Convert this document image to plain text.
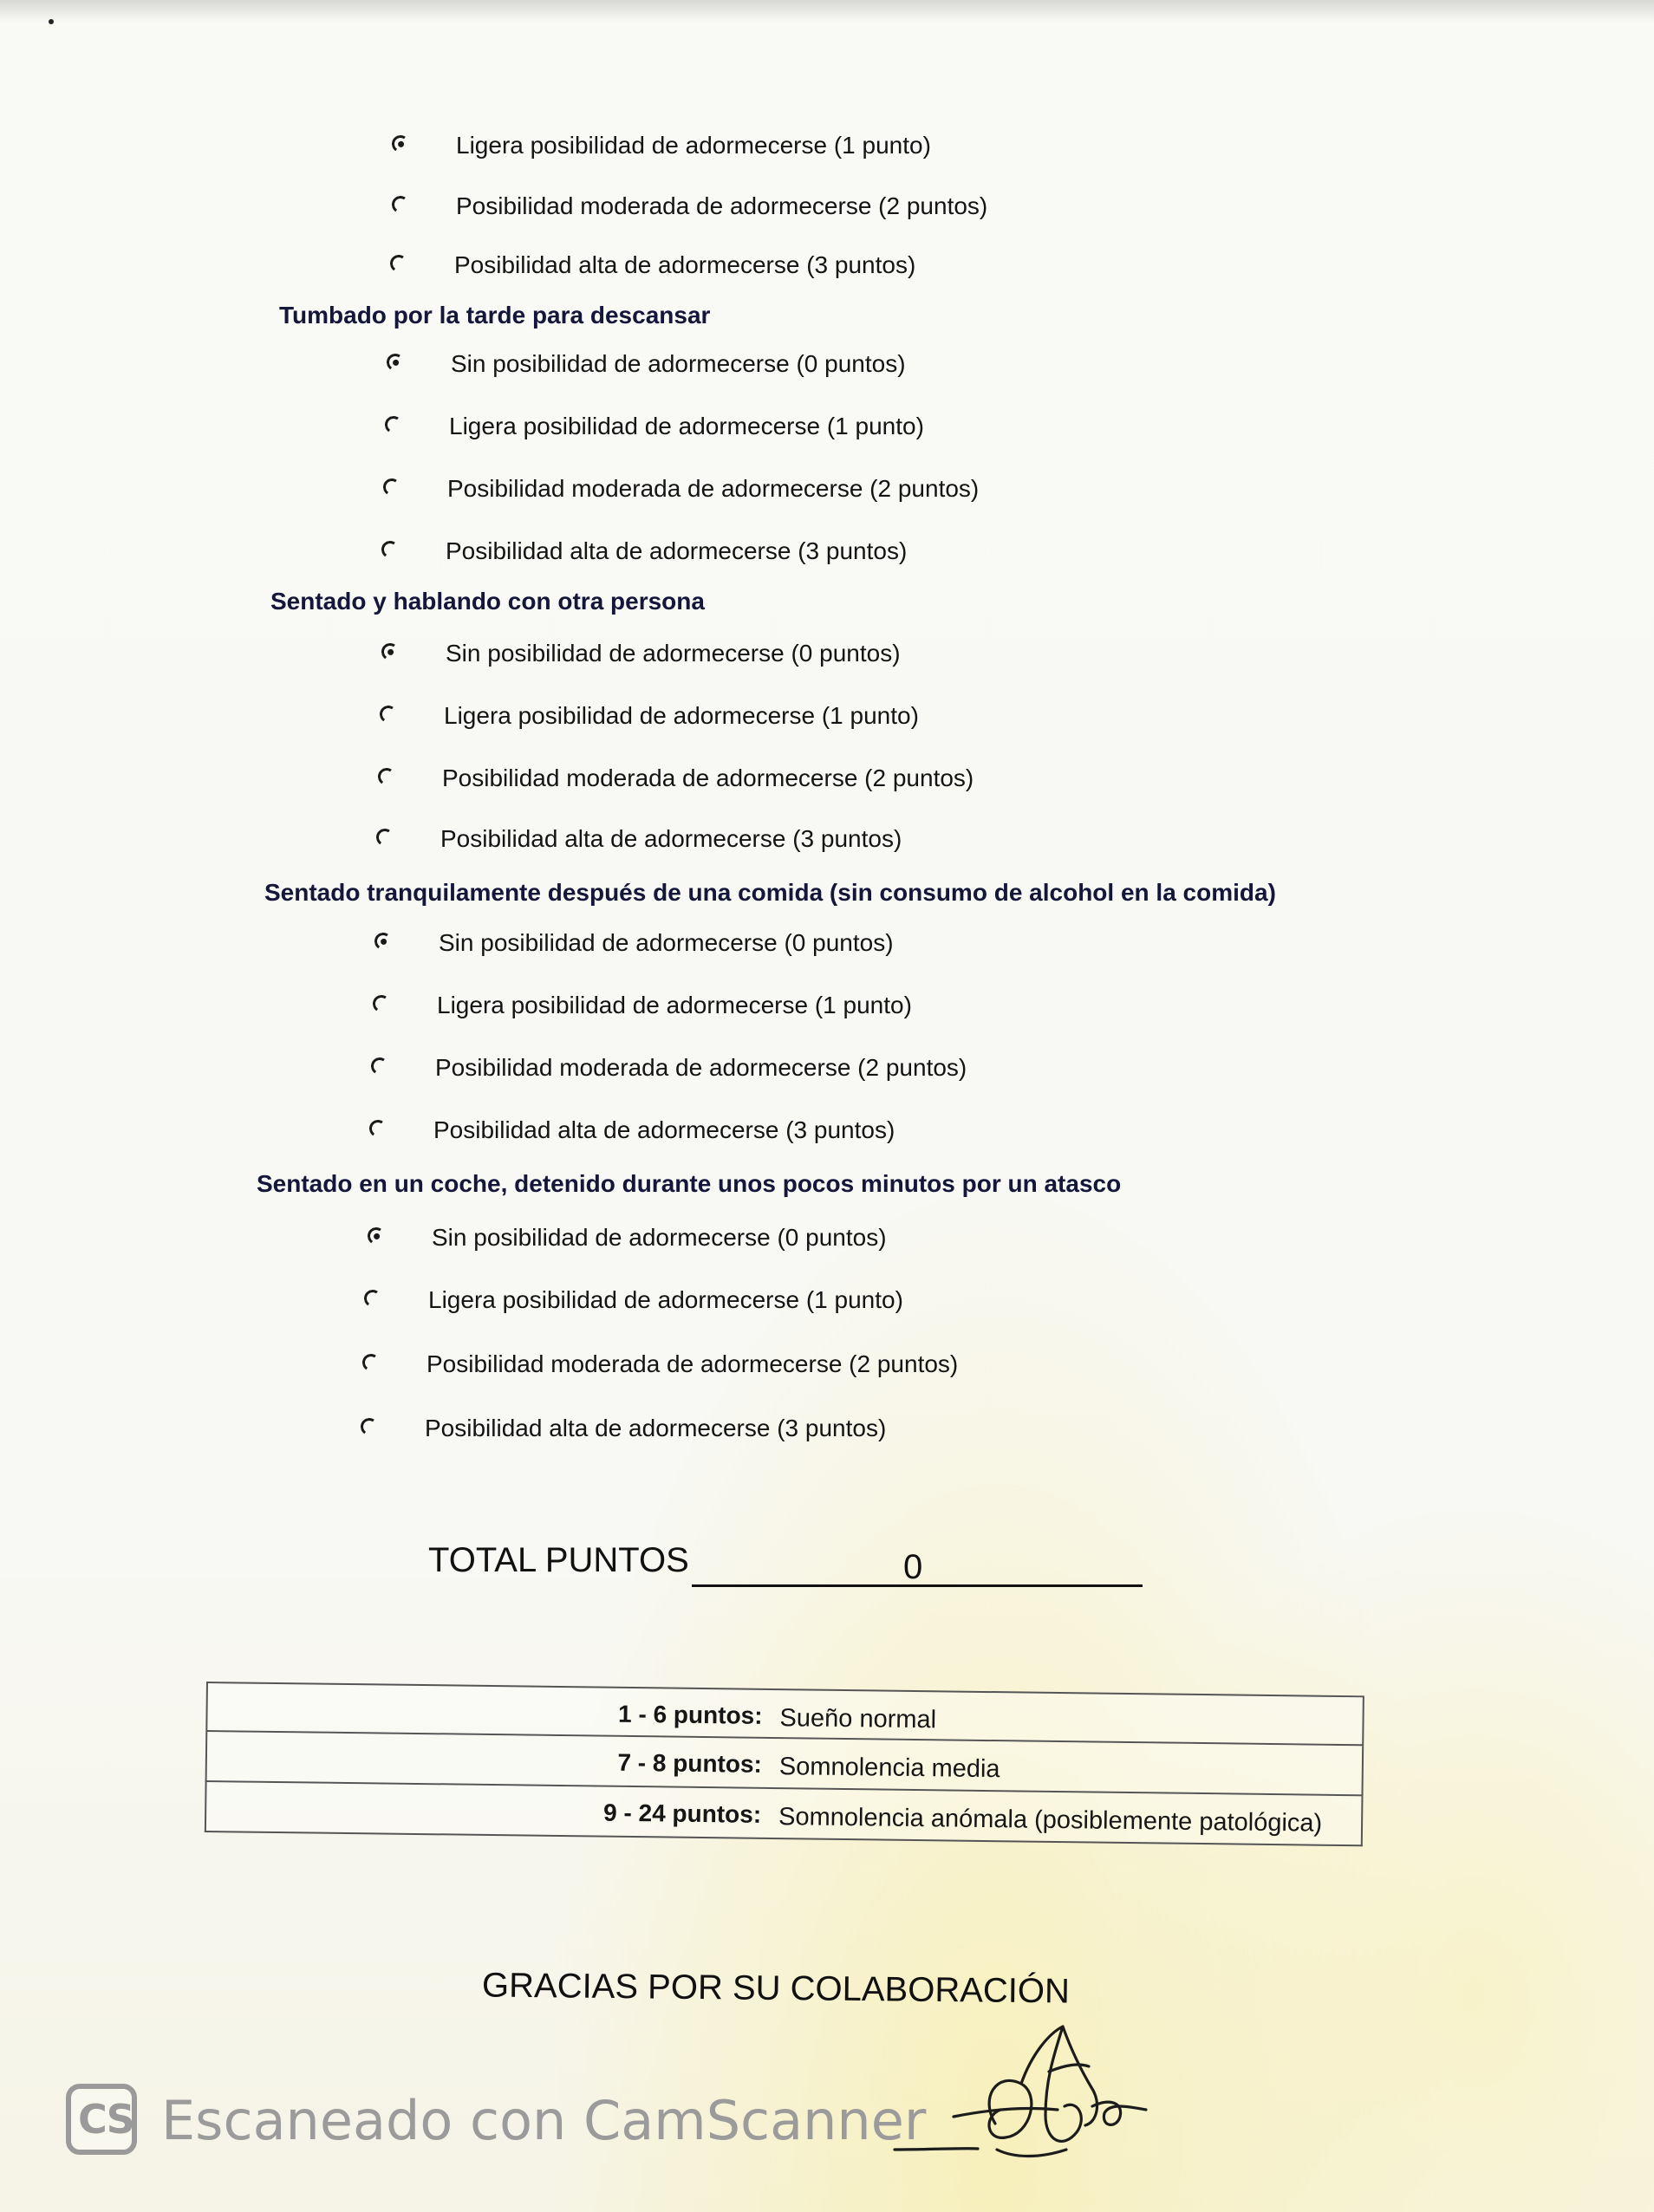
Ligera posibilidad de adormecerse (1 punto)
Posibilidad moderada de adormecerse (2 puntos)
Posibilidad alta de adormecerse (3 puntos)
Tumbado por la tarde para descansar
Sin posibilidad de adormecerse (0 puntos)
Ligera posibilidad de adormecerse (1 punto)
Posibilidad moderada de adormecerse (2 puntos)
Posibilidad alta de adormecerse (3 puntos)
Sentado y hablando con otra persona
Sin posibilidad de adormecerse (0 puntos)
Ligera posibilidad de adormecerse (1 punto)
Posibilidad moderada de adormecerse (2 puntos)
Posibilidad alta de adormecerse (3 puntos)
Sentado tranquilamente después de una comida (sin consumo de alcohol en la comida)
Sin posibilidad de adormecerse (0 puntos)
Ligera posibilidad de adormecerse (1 punto)
Posibilidad moderada de adormecerse (2 puntos)
Posibilidad alta de adormecerse (3 puntos)
Sentado en un coche, detenido durante unos pocos minutos por un atasco
Sin posibilidad de adormecerse (0 puntos)
Ligera posibilidad de adormecerse (1 punto)
Posibilidad moderada de adormecerse (2 puntos)
Posibilidad alta de adormecerse (3 puntos)
TOTAL PUNTOS	0
1 - 6 puntos: Sueño normal
7 - 8 puntos: Somnolencia media
9 - 24 puntos: Somnolencia anómala (posiblemente patológica)
GRACIAS POR SU COLABORACIÓN
CS Escaneado con CamScanner
